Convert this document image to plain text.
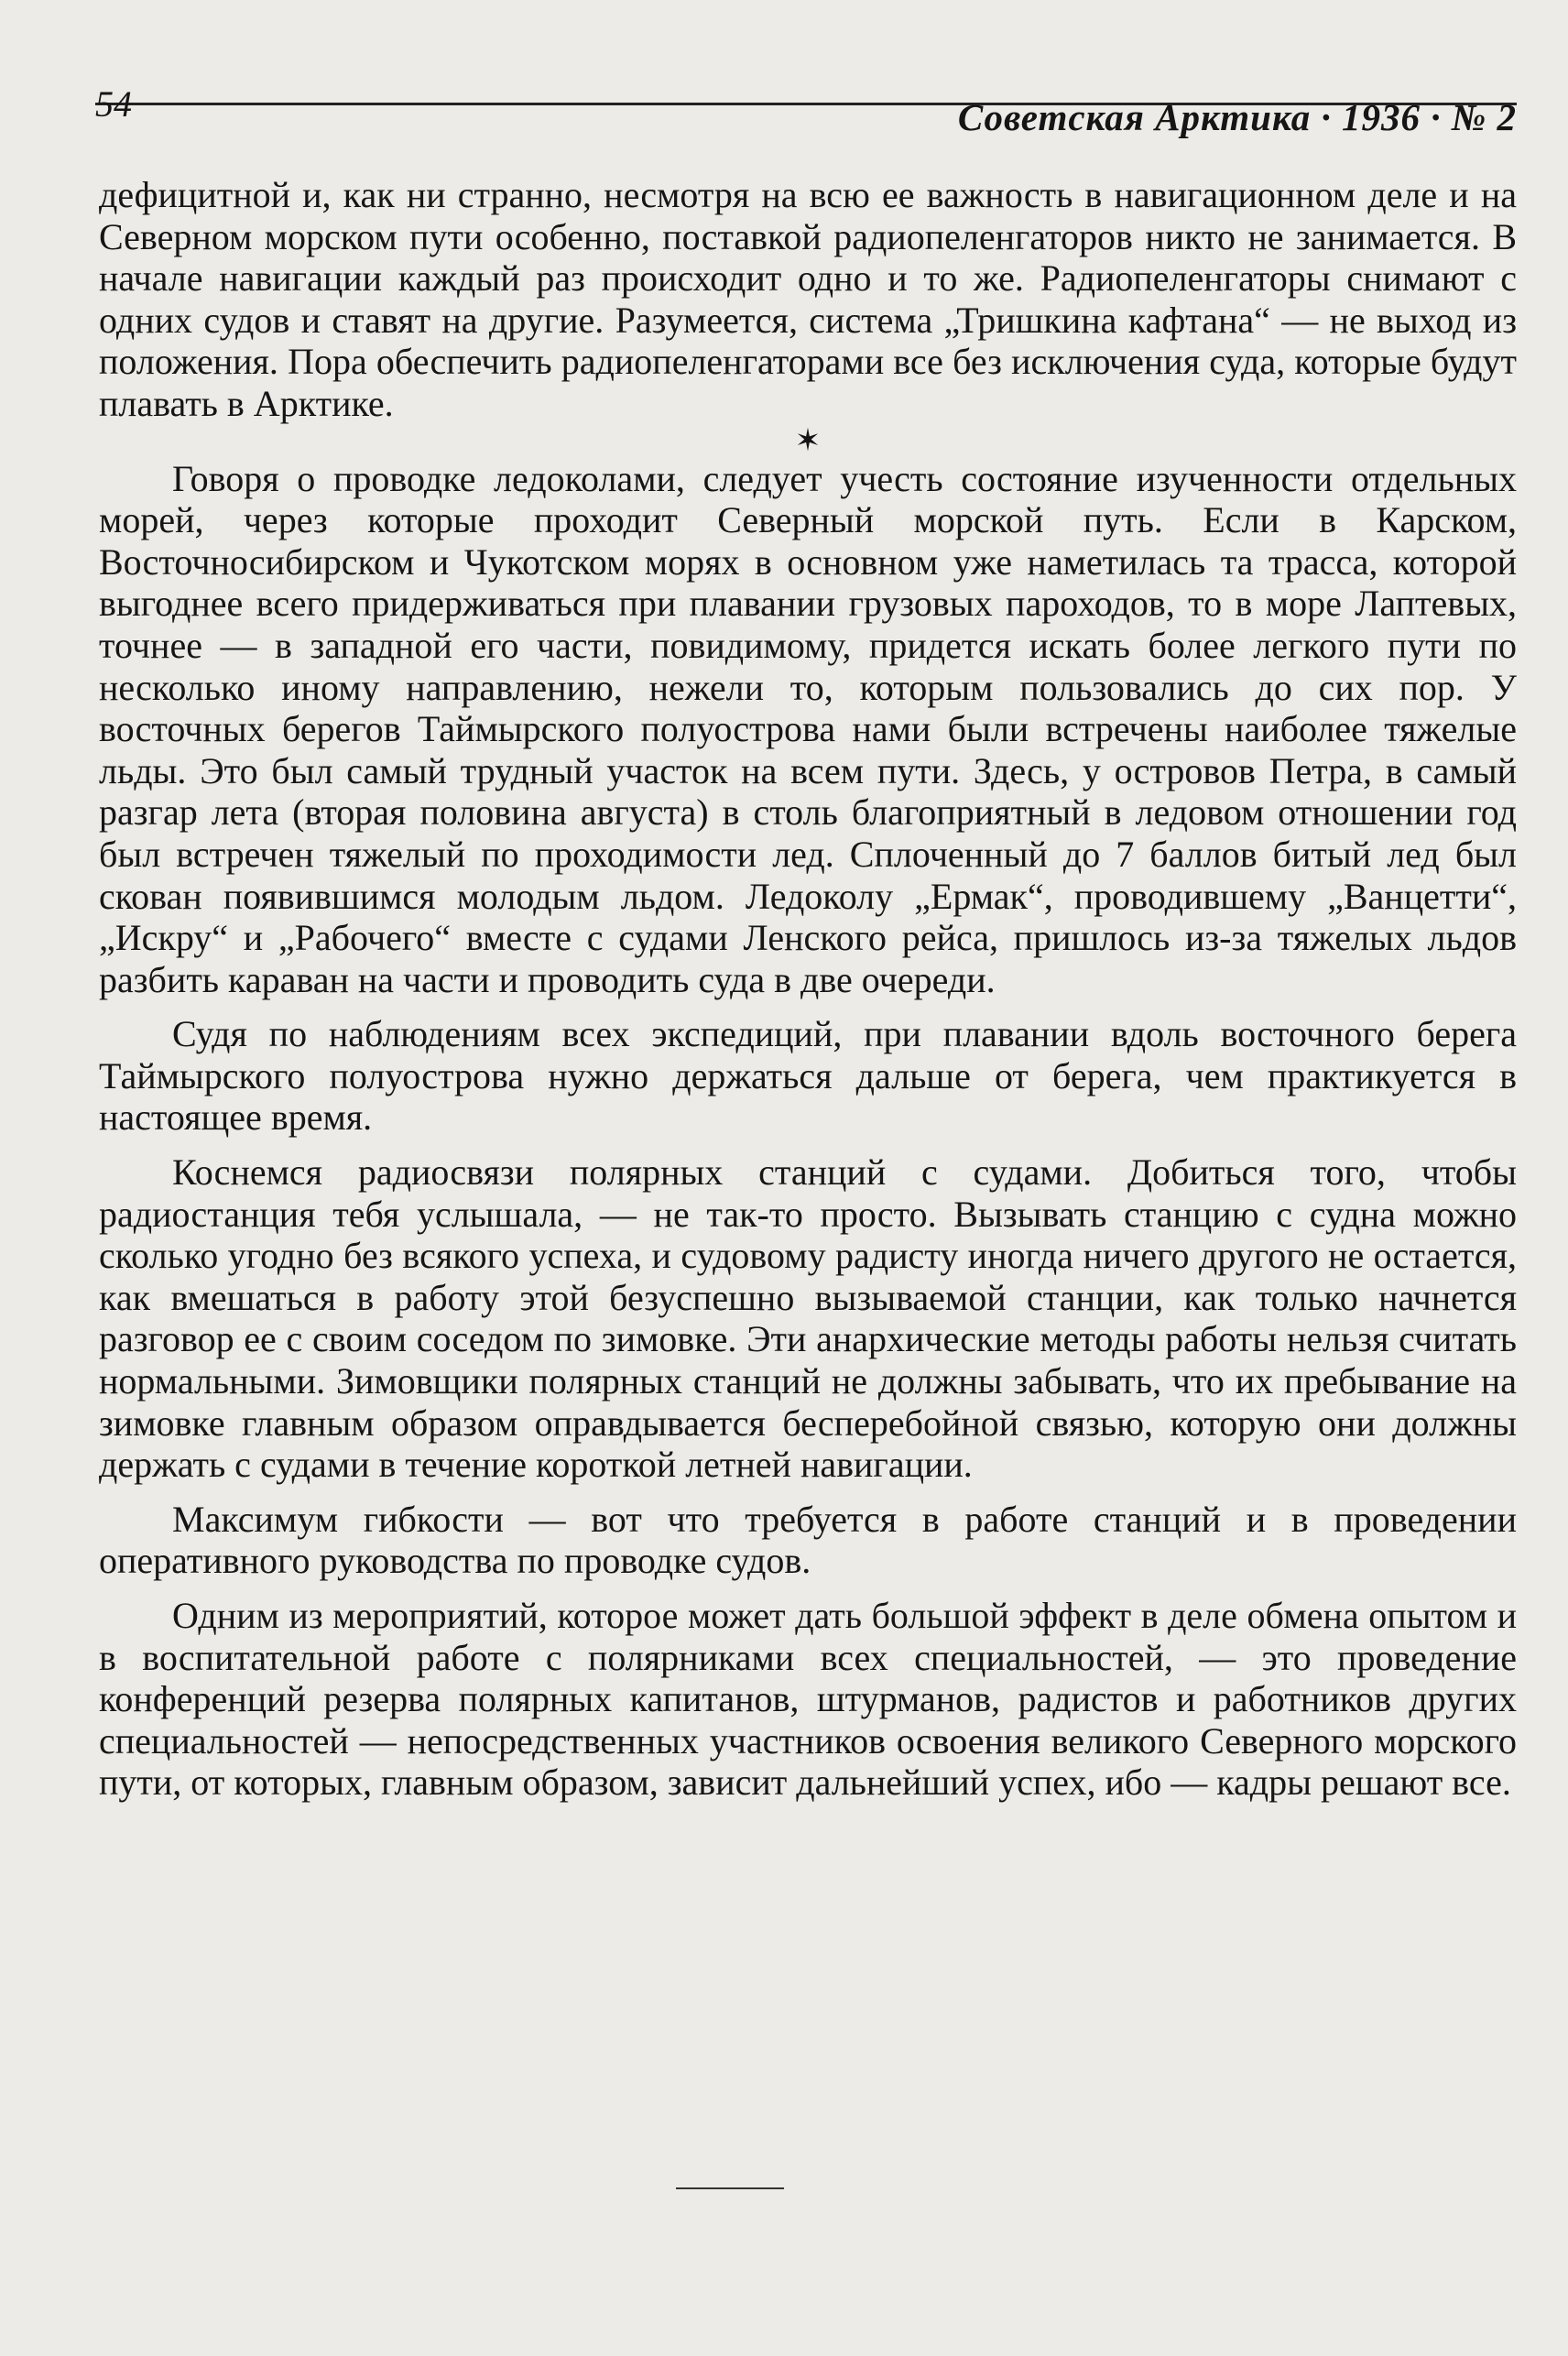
54	Советская Арктика · 1936 · № 2

дефицитной и, как ни странно, несмотря на всю ее важность в навигационном деле и на Северном морском пути особенно, поставкой радиопеленгаторов никто не занимается. В начале навигации каждый раз происходит одно и то же. Радиопеленгаторы снимают с одних судов и ставят на другие. Разумеется, система „Тришкина кафтана“ — не выход из положения. Пора обеспечить радиопеленгаторами все без исключения суда, которые будут плавать в Арктике.

✶

Говоря о проводке ледоколами, следует учесть состояние изученности отдельных морей, через которые проходит Северный морской путь. Если в Карском, Восточносибирском и Чукотском морях в основном уже наметилась та трасса, которой выгоднее всего придерживаться при плавании грузовых пароходов, то в море Лаптевых, точнее — в западной его части, повидимому, придется искать более легкого пути по несколько иному направлению, нежели то, которым пользовались до сих пор. У восточных берегов Таймырского полуострова нами были встречены наиболее тяжелые льды. Это был самый трудный участок на всем пути. Здесь, у островов Петра, в самый разгар лета (вторая половина августа) в столь благоприятный в ледовом отношении год был встречен тяжелый по проходимости лед. Сплоченный до 7 баллов битый лед был скован появившимся молодым льдом. Ледоколу „Ермак“, проводившему „Ванцетти“, „Искру“ и „Рабочего“ вместе с судами Ленского рейса, пришлось из-за тяжелых льдов разбить караван на части и проводить суда в две очереди.

Судя по наблюдениям всех экспедиций, при плавании вдоль восточного берега Таймырского полуострова нужно держаться дальше от берега, чем практикуется в настоящее время.

Коснемся радиосвязи полярных станций с судами. Добиться того, чтобы радиостанция тебя услышала, — не так-то просто. Вызывать станцию с судна можно сколько угодно без всякого успеха, и судовому радисту иногда ничего другого не остается, как вмешаться в работу этой безуспешно вызываемой станции, как только начнется разговор ее с своим соседом по зимовке. Эти анархические методы работы нельзя считать нормальными. Зимовщики полярных станций не должны забывать, что их пребывание на зимовке главным образом оправдывается бесперебойной связью, которую они должны держать с судами в течение короткой летней навигации.

Максимум гибкости — вот что требуется в работе станций и в проведении оперативного руководства по проводке судов.

Одним из мероприятий, которое может дать большой эффект в деле обмена опытом и в воспитательной работе с полярниками всех специальностей, — это проведение конференций резерва полярных капитанов, штурманов, радистов и работников других специальностей — непосредственных участников освоения великого Северного морского пути, от которых, главным образом, зависит дальнейший успех, ибо — кадры решают все.
